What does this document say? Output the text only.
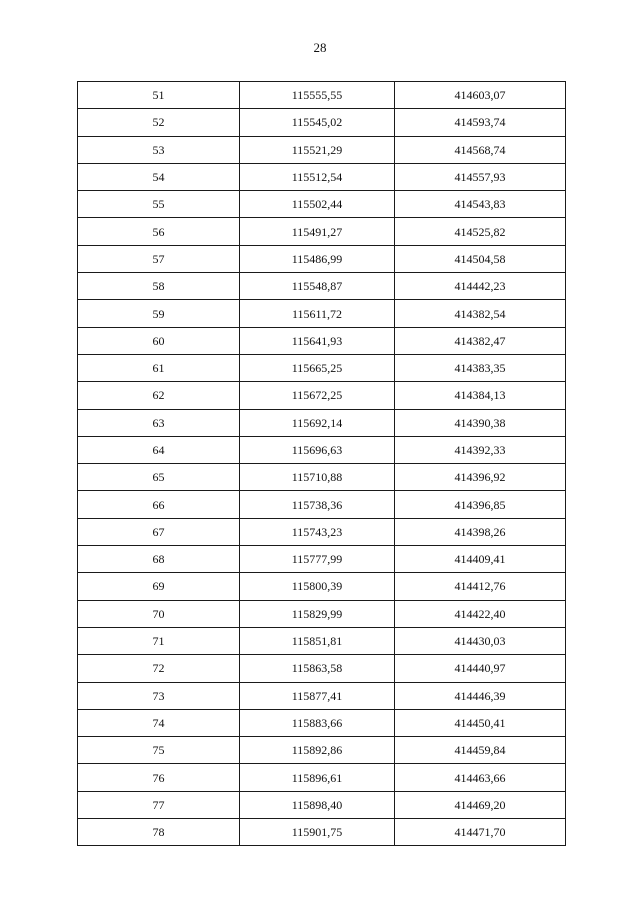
28
51	115555,55	414603,07
52	115545,02	414593,74
53	115521,29	414568,74
54	115512,54	414557,93
55	115502,44	414543,83
56	115491,27	414525,82
57	115486,99	414504,58
58	115548,87	414442,23
59	115611,72	414382,54
60	115641,93	414382,47
61	115665,25	414383,35
62	115672,25	414384,13
63	115692,14	414390,38
64	115696,63	414392,33
65	115710,88	414396,92
66	115738,36	414396,85
67	115743,23	414398,26
68	115777,99	414409,41
69	115800,39	414412,76
70	115829,99	414422,40
71	115851,81	414430,03
72	115863,58	414440,97
73	115877,41	414446,39
74	115883,66	414450,41
75	115892,86	414459,84
76	115896,61	414463,66
77	115898,40	414469,20
78	115901,75	414471,70
